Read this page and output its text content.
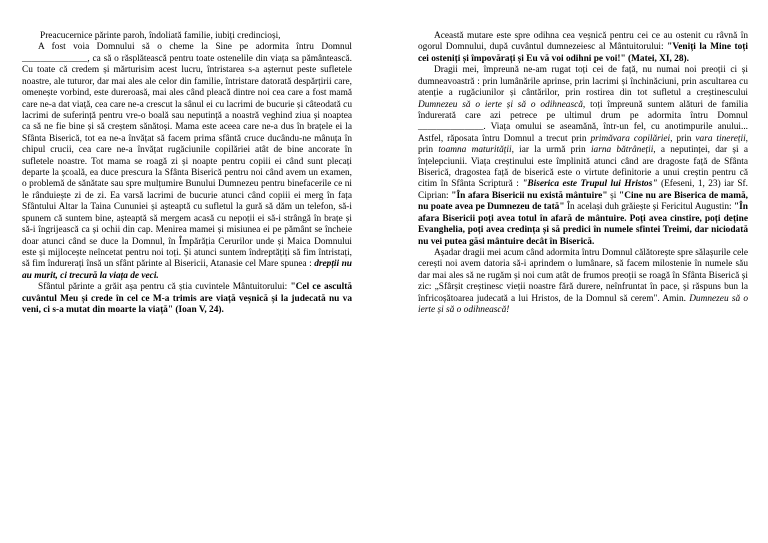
Preacucernice părinte paroh, îndoliată familie, iubiți credincioși,

A fost voia Domnului să o cheme la Sine pe adormita întru Domnul ______________, ca să o răsplătească pentru toate ostenelile din viața sa pământească. Cu toate că credem și mărturisim acest lucru, întristarea s-a așternut peste sufletele noastre, ale tuturor, dar mai ales ale celor din familie, întristare datorată despărțirii care, omenește vorbind, este dureroasă, mai ales când pleacă dintre noi cea care a fost mamă care ne-a dat viață, cea care ne-a crescut la sânul ei cu lacrimi de bucurie și câteodată cu lacrimi de suferință pentru vre-o boală sau neputință a noastră veghind ziua și noaptea ca să ne fie bine și să creștem sănătoși. Mama este aceea care ne-a dus în brațele ei la Sfânta Biserică, tot ea ne-a învățat să facem prima sfântă cruce ducându-ne mânuța în chipul crucii, cea care ne-a învățat rugăciunile copilăriei atât de bine ancorate în sufletele noastre. Tot mama se roagă zi și noapte pentru copiii ei când sunt plecați departe la școală, ea duce prescura la Sfânta Biserică pentru noi când avem un examen, o problemă de sănătate sau spre mulțumire Bunului Dumnezeu pentru binefacerile ce ni le rânduiește zi de zi. Ea varsă lacrimi de bucurie atunci când copiii ei merg în fața Sfântului Altar la Taina Cununiei și așteaptă cu sufletul la gură să dăm un telefon, să-i spunem că suntem bine, așteaptă să mergem acasă cu nepoții ei să-i strângă în brațe și să-i îngrijească ca și ochii din cap. Menirea mamei și misiunea ei pe pământ se încheie doar atunci când se duce la Domnul, în Împărăția Cerurilor unde și Maica Domnului este și mijlocește neîncetat pentru noi toți. Și atunci suntem îndreptățiți să fim întristați, să fim îndurerați însă un sfânt părinte al Bisericii, Atanasie cel Mare spunea : drepții nu au murit, ci trecură la viața de veci.

Sfântul părinte a grăit așa pentru că știa cuvintele Mântuitorului: "Cel ce ascultă cuvântul Meu și crede în cel ce M-a trimis are viață veșnică și la judecată nu va veni, ci s-a mutat din moarte la viață" (Ioan V, 24).

Această mutare este spre odihna cea veșnică pentru cei ce au ostenit cu râvnă în ogorul Domnului, după cuvântul dumnezeiesc al Mântuitorului: "Veniți la Mine toți cei osteniți și împovărați și Eu vă voi odihni pe voi!" (Matei, XI, 28).

Dragii mei, împreună ne-am rugat toți cei de față, nu numai noi preoții ci și dumneavoastră : prin lumânările aprinse, prin lacrimi și închinăciuni, prin ascultarea cu atenție a rugăciunilor și cântărilor, prin rostirea din tot sufletul a creștinescului Dumnezeu să o ierte și să o odihnească, toți împreună suntem alături de familia îndurerată care azi petrece pe ultimul drum pe adormita întru Domnul ______________. Viața omului se aseamănă, într-un fel, cu anotimpurile anului... Astfel, răposata întru Domnul a trecut prin primăvara copilăriei, prin vara tinereții, prin toamna maturității, iar la urmă prin iarna bătrâneții, a neputinței, dar și a înțelepciunii. Viața creștinului este împlinită atunci când are dragoste față de Sfânta Biserică, dragostea față de biserică este o virtute definitorie a unui creștin pentru că citim în Sfânta Scriptură : "Biserica este Trupul lui Hristos" (Efeseni, 1, 23) iar Sf. Ciprian: "În afara Bisericii nu există mântuire" și "Cine nu are Biserica de mamă, nu poate avea pe Dumnezeu de tată" În același duh grăiește și Fericitul Augustin: "În afara Bisericii poți avea totul în afară de mântuire. Poți avea cinstire, poți deține Evanghelia, poți avea credința și să predici în numele sfintei Treimi, dar niciodată nu vei putea găsi mântuire decât în Biserică.

Așadar dragii mei acum când adormita întru Domnul călătorește spre sălașurile cele cerești noi avem datoria să-i aprindem o lumânare, să facem milostenie în numele său dar mai ales să ne rugăm și noi cum atât de frumos preoții se roagă în Sfânta Biserică și zic: „Sfârșit creștinesc vieții noastre fără durere, neînfruntat în pace, și răspuns bun la înfricoșătoarea judecată a lui Hristos, de la Domnul să cerem". Amin. Dumnezeu să o ierte și să o odihnească!
